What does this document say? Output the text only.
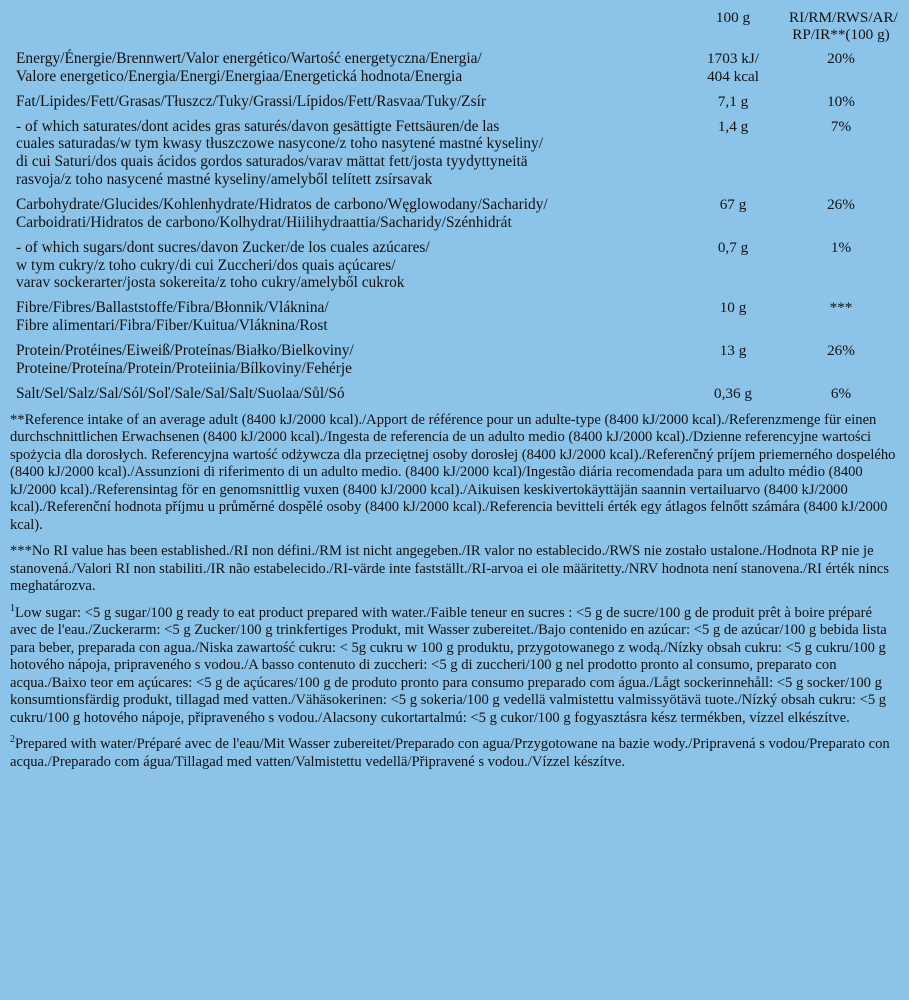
	100 g	RI/RM/RWS/AR/
RP/IR**(100 g)

Energy/Énergie/Brennwert/Valor energético/Wartość energetyczna/Energia/
Valore energetico/Energia/Energi/Energiaa/Energetická hodnota/Energia	1703 kJ/
404 kcal	20%

Fat/Lipides/Fett/Grasas/Tłuszcz/Tuky/Grassi/Lípidos/Fett/Rasvaa/Tuky/Zsír	7,1 g	10%

- of which saturates/dont acides gras saturés/davon gesättigte Fettsäuren/de las
cuales saturadas/w tym kwasy tłuszczowe nasycone/z toho nasytené mastné kyseliny/
di cui Saturi/dos quais ácidos gordos saturados/varav mättat fett/josta tyydyttyneitä
rasvoja/z toho nasycené mastné kyseliny/amelyből telített zsírsavak	1,4 g	7%

Carbohydrate/Glucides/Kohlenhydrate/Hidratos de carbono/Węglowodany/Sacharidy/
Carboidrati/Hidratos de carbono/Kolhydrat/Hiilihydraattia/Sacharidy/Szénhidrát	67 g	26%

- of which sugars/dont sucres/davon Zucker/de los cuales azúcares/
w tym cukry/z toho cukry/di cui Zuccheri/dos quais açúcares/
varav sockerarter/josta sokereita/z toho cukry/amelyből cukrok	0,7 g	1%

Fibre/Fibres/Ballaststoffe/Fibra/Błonnik/Vláknina/
Fibre alimentari/Fibra/Fiber/Kuitua/Vláknina/Rost	10 g	***

Protein/Protéines/Eiweiß/Proteínas/Białko/Bielkoviny/
Proteine/Proteína/Protein/Proteiinia/Bílkoviny/Fehérje	13 g	26%

Salt/Sel/Salz/Sal/Sól/Soľ/Sale/Sal/Salt/Suolaa/Sůl/Só	0,36 g	6%

**Reference intake of an average adult (8400 kJ/2000 kcal)./Apport de référence pour un adulte-type (8400 kJ/2000 kcal)./Referenzmenge für einen durchschnittlichen Erwachsenen (8400 kJ/2000 kcal)./Ingesta de referencia de un adulto medio (8400 kJ/2000 kcal)./Dzienne referencyjne wartości spożycia dla dorosłych. Referencyjna wartość odżywcza dla przeciętnej osoby dorosłej (8400 kJ/2000 kcal)./Referenčný príjem priemerného dospelého (8400 kJ/2000 kcal)./Assunzioni di riferimento di un adulto medio. (8400 kJ/2000 kcal)/Ingestão diária recomendada para um adulto médio (8400 kJ/2000 kcal)./Referensintag för en genomsnittlig vuxen (8400 kJ/2000 kcal)./Aikuisen keskivertokäyttäjän saannin vertailuarvo (8400 kJ/2000 kcal)./Referenční hodnota příjmu u průměrné dospělé osoby (8400 kJ/2000 kcal)./Referencia bevitteli érték egy átlagos felnőtt számára (8400 kJ/2000 kcal).

***No RI value has been established./RI non défini./RM ist nicht angegeben./IR valor no establecido./RWS nie zostało ustalone./Hodnota RP nie je stanovená./Valori RI non stabiliti./IR não estabelecido./RI-värde inte fastställt./RI-arvoa ei ole määritetty./NRV hodnota není stanovena./RI érték nincs meghatározva.

$^1$Low sugar: <5 g sugar/100 g ready to eat product prepared with water./Faible teneur en sucres : <5 g de sucre/100 g de produit prêt à boire préparé avec de l'eau./Zuckerarm: <5 g Zucker/100 g trinkfertiges Produkt, mit Wasser zubereitet./Bajo contenido en azúcar: <5 g de azúcar/100 g bebida lista para beber, preparada con agua./Niska zawartość cukru: < 5g cukru w 100 g produktu, przygotowanego z wodą./Nízky obsah cukru: <5 g cukru/100 g hotového nápoja, pripraveného s vodou./A basso contenuto di zuccheri: <5 g di zuccheri/100 g nel prodotto pronto al consumo, preparato con acqua./Baixo teor em açúcares: <5 g de açúcares/100 g de produto pronto para consumo preparado com água./Lågt sockerinnehåll: <5 g socker/100 g konsumtionsfärdig produkt, tillagad med vatten./Vähäsokerinen: <5 g sokeria/100 g vedellä valmistettu valmissyötävä tuote./Nízký obsah cukru: <5 g cukru/100 g hotového nápoje, připraveného s vodou./Alacsony cukortartalmú: <5 g cukor/100 g fogyasztásra kész termékben, vízzel elkészítve.

$^2$Prepared with water/Préparé avec de l'eau/Mit Wasser zubereitet/Preparado con agua/Przygotowane na bazie wody./Pripravená s vodou/Preparato con acqua./Preparado com água/Tillagad med vatten/Valmistettu vedellä/Připravené s vodou./Vízzel készítve.
